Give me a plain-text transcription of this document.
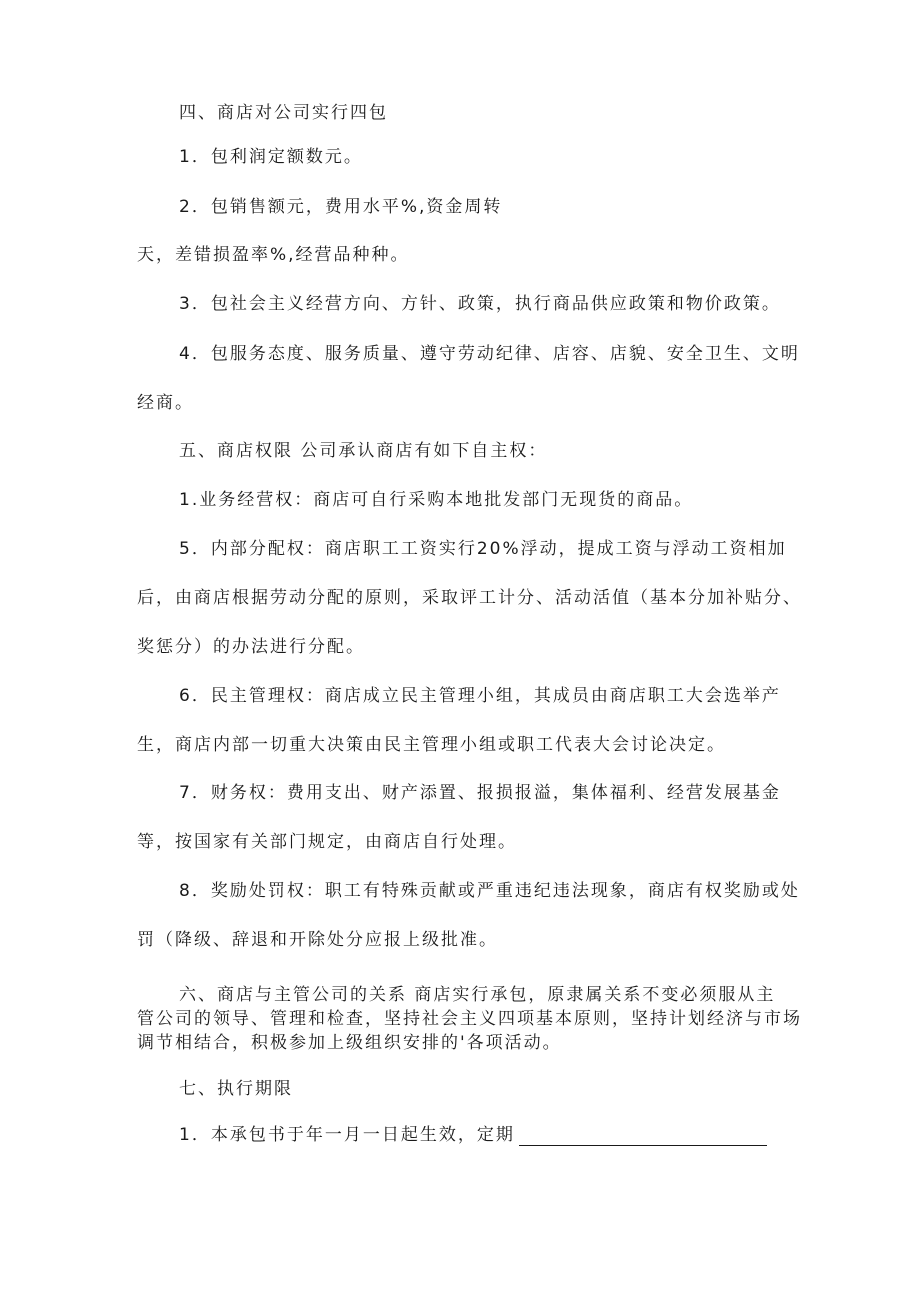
四、商店对公司实行四包
1．包利润定额数元。
2．包销售额元，费用水平%,资金周转
天，差错损盈率%,经营品种种。
3．包社会主义经营方向、方针、政策，执行商品供应政策和物价政策。
4．包服务态度、服务质量、遵守劳动纪律、店容、店貌、安全卫生、文明
经商。
五、商店权限 公司承认商店有如下自主权：
1.业务经营权：商店可自行采购本地批发部门无现货的商品。
5．内部分配权：商店职工工资实行20%浮动，提成工资与浮动工资相加
后，由商店根据劳动分配的原则，采取评工计分、活动活值（基本分加补贴分、
奖惩分）的办法进行分配。
6．民主管理权：商店成立民主管理小组，其成员由商店职工大会选举产
生，商店内部一切重大决策由民主管理小组或职工代表大会讨论决定。
7．财务权：费用支出、财产添置、报损报溢，集体福利、经营发展基金
等，按国家有关部门规定，由商店自行处理。
8．奖励处罚权：职工有特殊贡献或严重违纪违法现象，商店有权奖励或处
罚（降级、辞退和开除处分应报上级批准。
六、商店与主管公司的关系 商店实行承包，原隶属关系不变必须服从主
管公司的领导、管理和检查，坚持社会主义四项基本原则，坚持计划经济与市场
调节相结合，积极参加上级组织安排的'各项活动。
七、执行期限
1．本承包书于年一月一日起生效，定期
